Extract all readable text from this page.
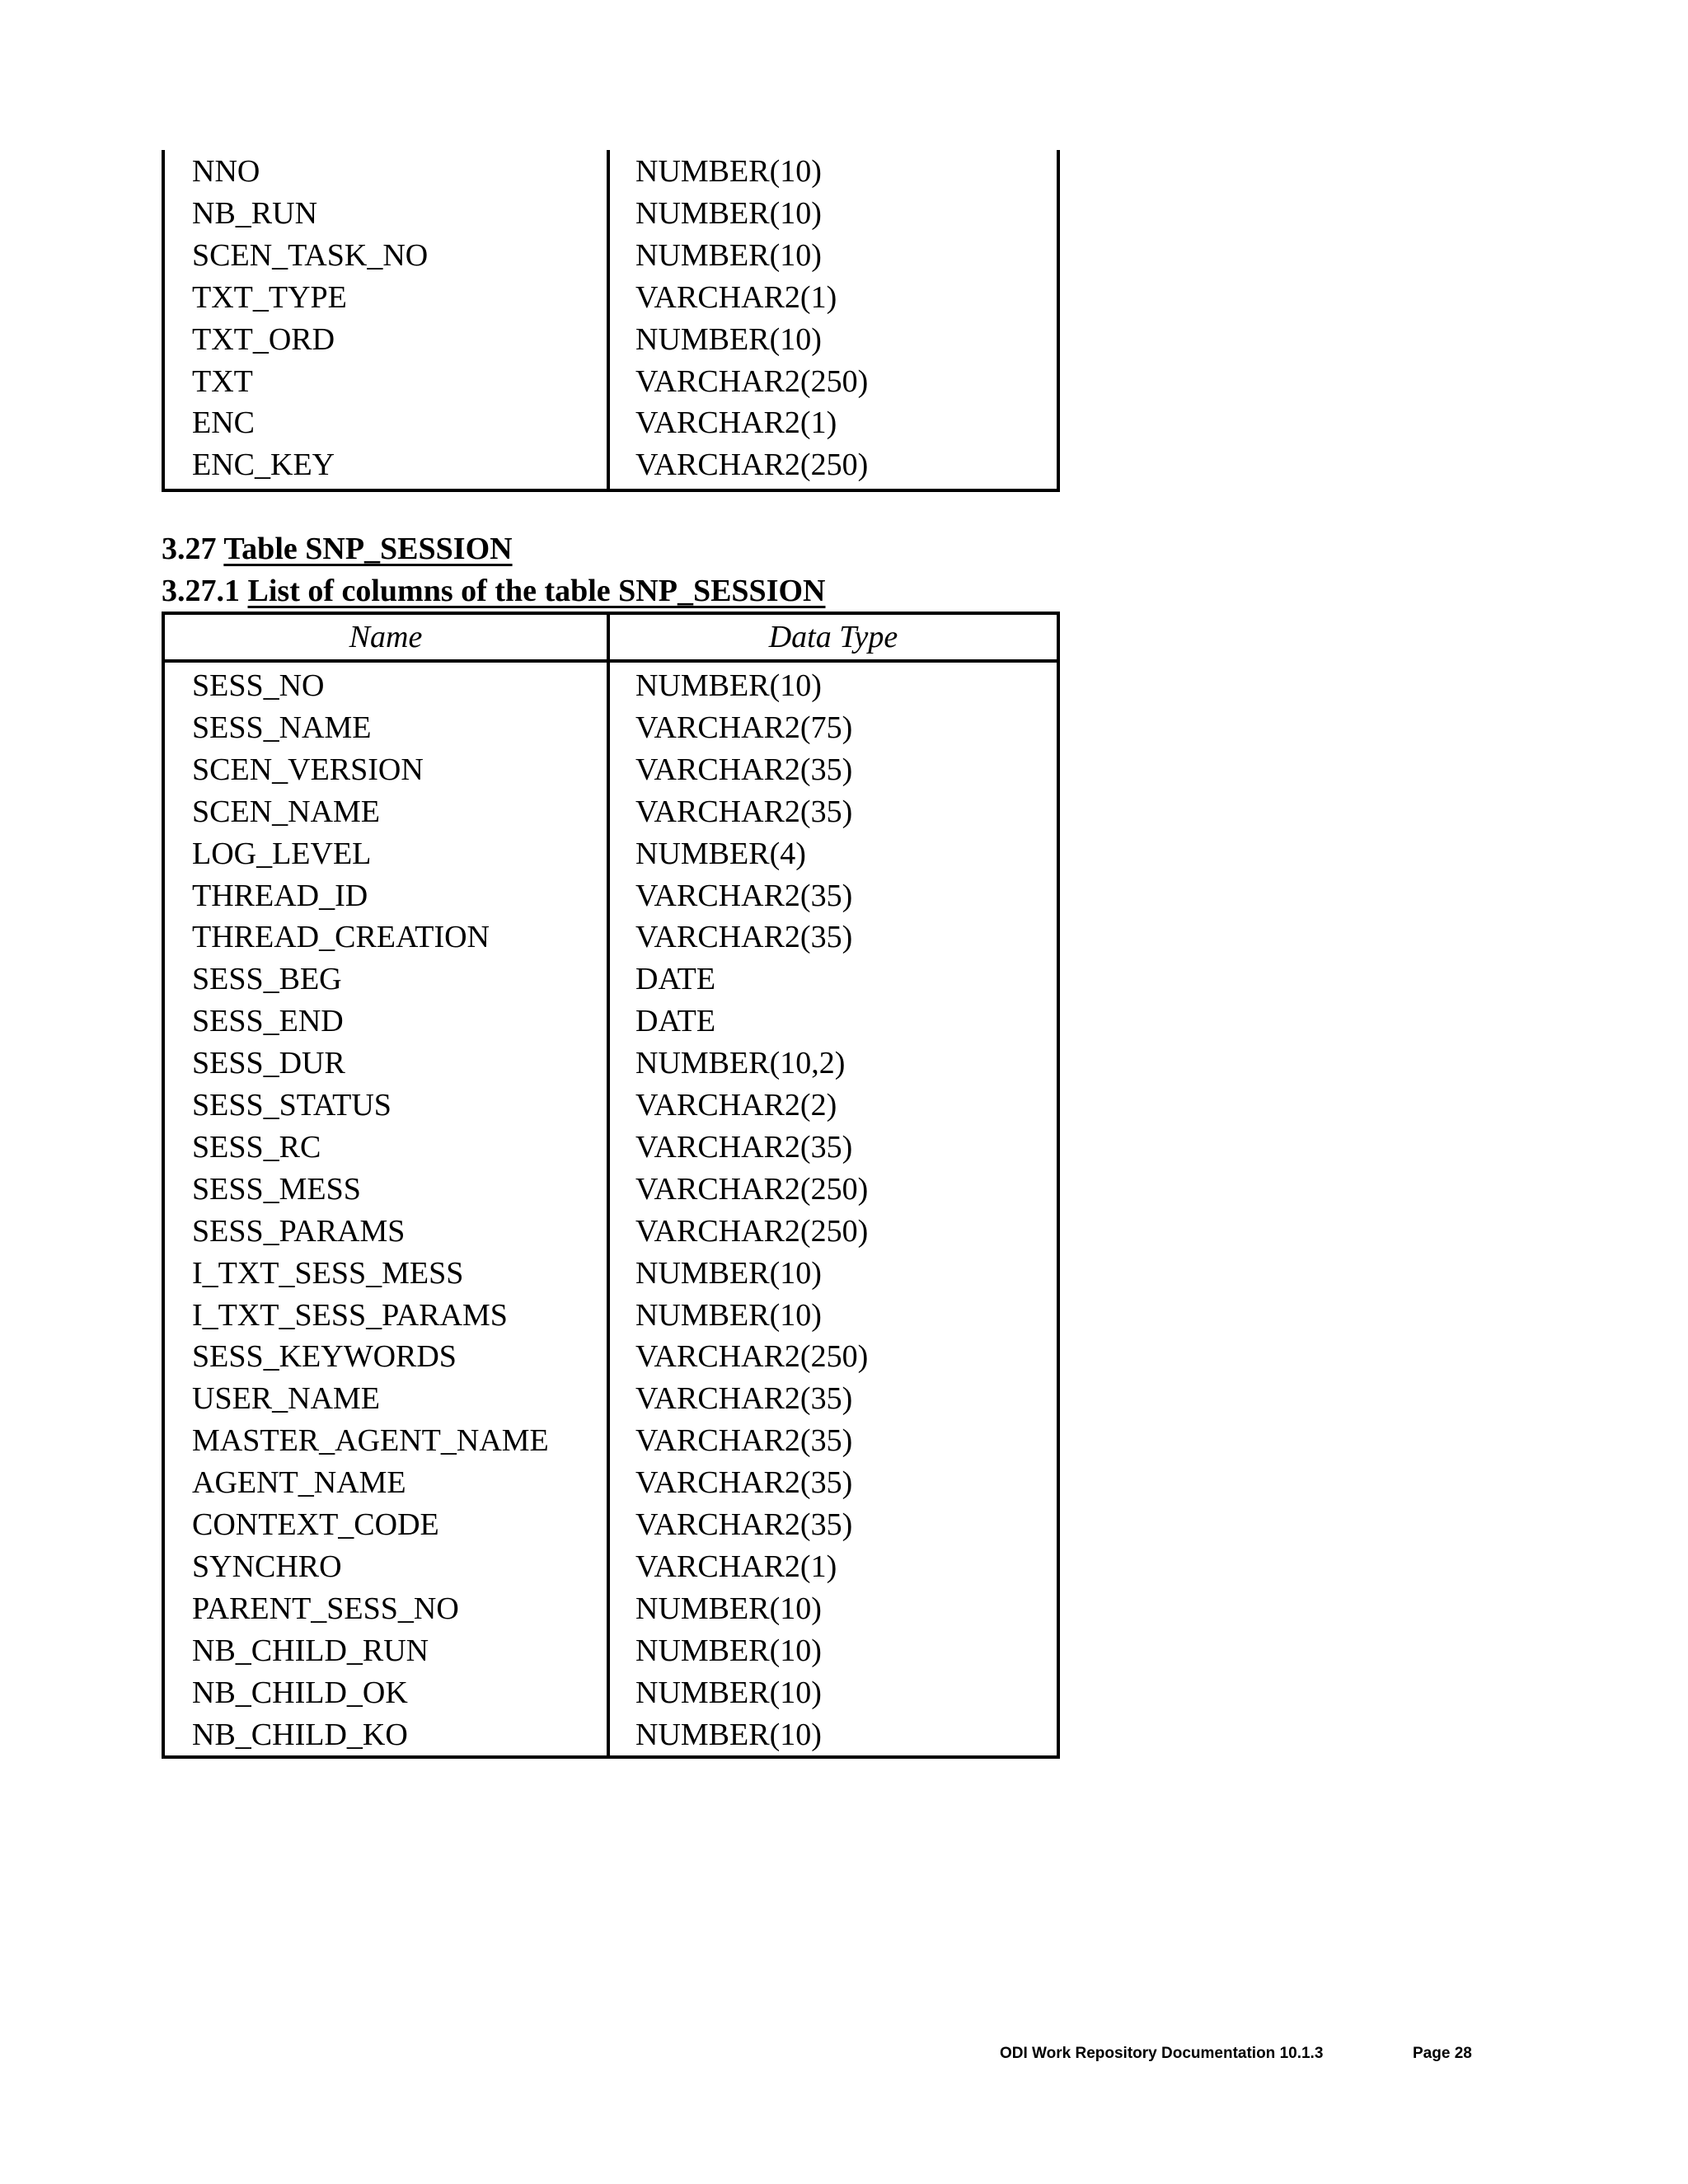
NNO	NUMBER(10)
NB_RUN	NUMBER(10)
SCEN_TASK_NO	NUMBER(10)
TXT_TYPE	VARCHAR2(1)
TXT_ORD	NUMBER(10)
TXT	VARCHAR2(250)
ENC	VARCHAR2(1)
ENC_KEY	VARCHAR2(250)
3.27 Table SNP_SESSION
3.27.1 List of columns of the table SNP_SESSION
Name	Data Type
SESS_NO	NUMBER(10)
SESS_NAME	VARCHAR2(75)
SCEN_VERSION	VARCHAR2(35)
SCEN_NAME	VARCHAR2(35)
LOG_LEVEL	NUMBER(4)
THREAD_ID	VARCHAR2(35)
THREAD_CREATION	VARCHAR2(35)
SESS_BEG	DATE
SESS_END	DATE
SESS_DUR	NUMBER(10,2)
SESS_STATUS	VARCHAR2(2)
SESS_RC	VARCHAR2(35)
SESS_MESS	VARCHAR2(250)
SESS_PARAMS	VARCHAR2(250)
I_TXT_SESS_MESS	NUMBER(10)
I_TXT_SESS_PARAMS	NUMBER(10)
SESS_KEYWORDS	VARCHAR2(250)
USER_NAME	VARCHAR2(35)
MASTER_AGENT_NAME	VARCHAR2(35)
AGENT_NAME	VARCHAR2(35)
CONTEXT_CODE	VARCHAR2(35)
SYNCHRO	VARCHAR2(1)
PARENT_SESS_NO	NUMBER(10)
NB_CHILD_RUN	NUMBER(10)
NB_CHILD_OK	NUMBER(10)
NB_CHILD_KO	NUMBER(10)
ODI Work Repository Documentation 10.1.3	Page 28
